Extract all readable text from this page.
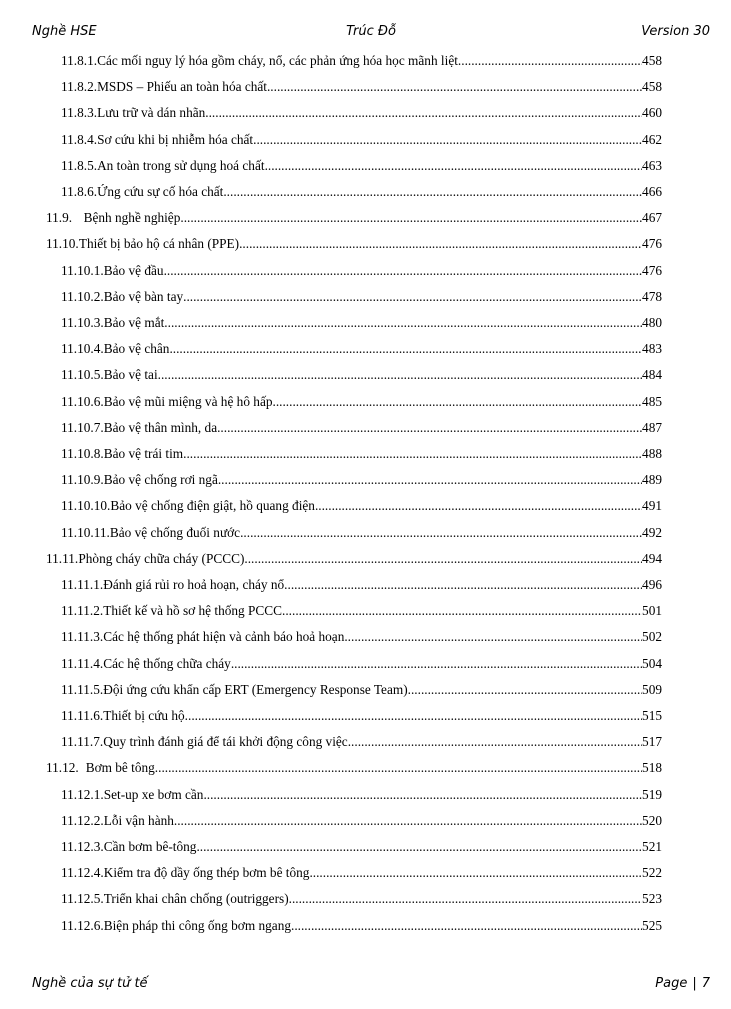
Nghề HSE	Trúc Đỗ	Version 30
11.8.1. Các mối nguy lý hóa gồm cháy, nổ, các phản ứng hóa học mãnh liệt .....	458
11.8.2. MSDS – Phiếu an toàn hóa chất .....	458
11.8.3. Lưu trữ và dán nhãn .....	460
11.8.4. Sơ cứu khi bị nhiễm hóa chất .....	462
11.8.5. An toàn trong sử dụng hoá chất .....	463
11.8.6. Ứng cứu sự cố hóa chất .....	466
11.9. Bệnh nghề nghiệp .....	467
11.10. Thiết bị bảo hộ cá nhân (PPE) .....	476
11.10.1. Bảo vệ đầu .....	476
11.10.2. Bảo vệ bàn tay .....	478
11.10.3. Bảo vệ mắt .....	480
11.10.4. Bảo vệ chân .....	483
11.10.5. Bảo vệ tai .....	484
11.10.6. Bảo vệ mũi miệng và hệ hô hấp .....	485
11.10.7. Bảo vệ thân mình, da .....	487
11.10.8. Bảo vệ trái tim .....	488
11.10.9. Bảo vệ chống rơi ngã .....	489
11.10.10. Bảo vệ chống điện giật, hồ quang điện .....	491
11.10.11. Bảo vệ chống đuối nước .....	492
11.11. Phòng cháy chữa cháy (PCCC) .....	494
11.11.1. Đánh giá rủi ro hoả hoạn, cháy nổ .....	496
11.11.2. Thiết kế và hồ sơ hệ thống PCCC .....	501
11.11.3. Các hệ thống phát hiện và cảnh báo hoả hoạn .....	502
11.11.4. Các hệ thống chữa cháy .....	504
11.11.5. Đội ứng cứu khẩn cấp ERT (Emergency Response Team) .....	509
11.11.6. Thiết bị cứu hộ .....	515
11.11.7. Quy trình đánh giá để tái khởi động công việc .....	517
11.12. Bơm bê tông .....	518
11.12.1. Set-up xe bơm cần .....	519
11.12.2. Lỗi vận hành .....	520
11.12.3. Cần bơm bê-tông .....	521
11.12.4. Kiểm tra độ dầy ống thép bơm bê tông .....	522
11.12.5. Triển khai chân chống (outriggers) .....	523
11.12.6. Biện pháp thi công ống bơm ngang .....	525
Nghề của sự tử tế	Page | 7
